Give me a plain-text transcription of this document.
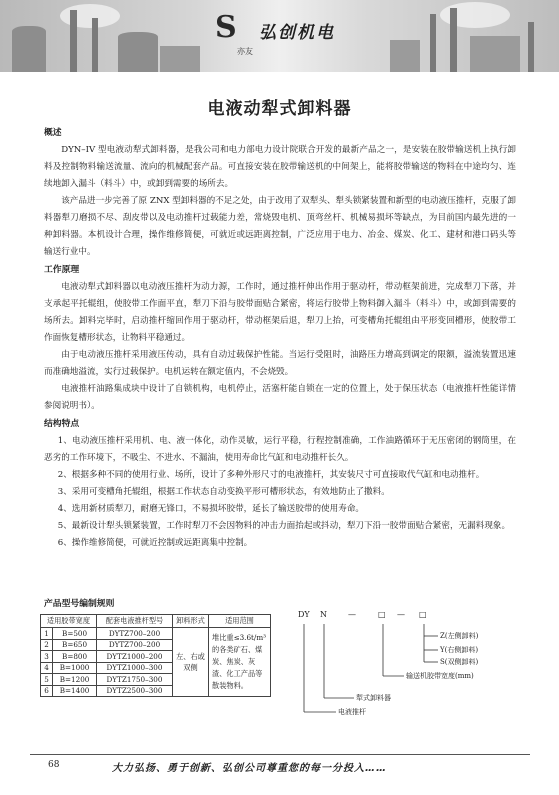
S 弘创机电
亦友
电液动犁式卸料器
概述
DYN–IV 型电液动犁式卸料器，是我公司和电力部电力设计院联合开发的最新产品之一，是安装在胶带输送机上执行卸料及控制物料输送流量、流向的机械配套产品。可直接安装在胶带输送机的中间架上，能将胶带输送的物料在中途均匀、连续地卸入漏斗（料斗）中，或卸到需要的场所去。
该产品进一步完善了原 ZNX 型卸料器的不足之处，由于改用了双犁头、犁头锁紧装置和新型的电动液压推杆，克服了卸料器犁刀磨损不尽、刮皮带以及电动推杆过载能力差，常烧毁电机、顶弯丝杆、机械易损坏等缺点，为目前国内最先进的一种卸料器。本机设计合理，操作维修简便，可就近或远距离控制，广泛应用于电力、冶金、煤炭、化工、建材和港口码头等输送行业中。
工作原理
电液动犁式卸料器以电动液压推杆为动力源，工作时，通过推杆伸出作用于驱动杆，带动框架前进，完成犁刀下落，并支承起平托辊组，使胶带工作面平直，犁刀下沿与胶带面贴合紧密，将运行胶带上物料御入漏斗（料斗）中，或卸到需要的场所去。卸料完毕时，启动推杆缩回作用于驱动杆，带动框架后退，犁刀上抬，可变槽角托辊组由平形变回槽形，使胶带工作面恢复槽形状态，让物料平稳通过。
由于电动液压推杆采用液压传动，具有自动过载保护性能。当运行受阻时，油路压力增高到调定的限额，溢流装置迅速而准确地溢流，实行过载保护。电机运转在额定值内，不会烧毁。
电液推杆油路集成块中设计了自锁机构，电机停止，活塞杆能自锁在一定的位置上，处于保压状态（电液推杆性能详情参阅说明书）。
结构特点
1、电动液压推杆采用机、电、液一体化，动作灵敏，运行平稳，行程控制准确，工作油路循环于无压密闭的钢筒里，在恶劣的工作环境下，不吸尘、不进水、不漏油，使用寿命比气缸和电动推杆长久。
2、根据多种不同的使用行业、场所，设计了多种外形尺寸的电液推杆，其安装尺寸可直接取代气缸和电动推杆。
3、采用可变槽角托辊组，根据工作状态自动变换平形可槽形状态，有效地防止了撒料。
4、选用新材质犁刀，耐磨无锋口，不易损坏胶带，延长了输送胶带的使用寿命。
5、最新设计犁头锁紧装置，工作时犁刀不会因物料的冲击力面抬起或抖动，犁刀下沿一胶带面贴合紧密，无漏料现象。
6、操作维修简便，可就近控制或远距离集中控制。
产品型号编制规则
适用胶带宽度		配套电液推杆型号	卸料形式	适用范围
1	B=500	DYTZ700–200	左、右或双侧	堆比重≤3.6t/m³的各类矿石、煤炭、焦炭、灰渣、化工产品等散装物料。
2	B=650	DYTZ700–200		
3	B=800	DYTZ1000–200		
4	B=1000	DYTZ1000–300		
5	B=1200	DYTZ1750–300		
6	B=1400	DYTZ2500–300		
DY N	—	□ — □
Z(左侧卸料)
Y(右侧卸料)
S(双侧卸料)
输送机胶带宽度(mm)
犁式卸料器
电液推杆
68	大力弘扬、勇于创新、弘创公司尊重您的每一分投入……
